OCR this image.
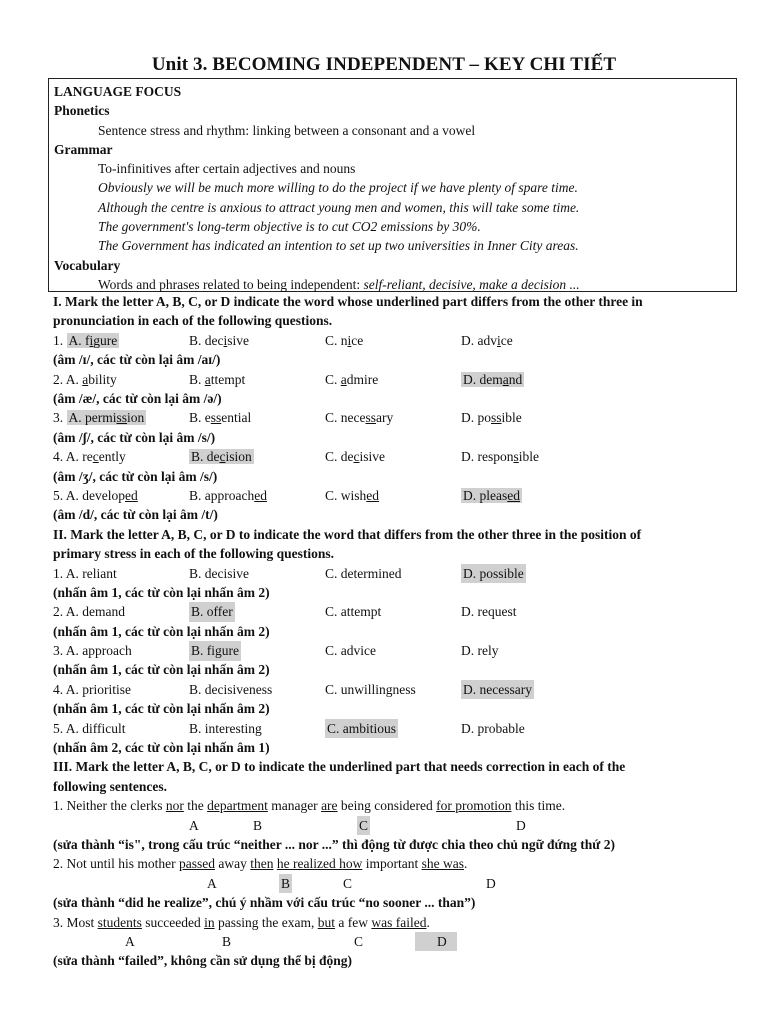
Unit 3. BECOMING INDEPENDENT – KEY CHI TIẾT
LANGUAGE FOCUS
Phonetics
Sentence stress and rhythm: linking between a consonant and a vowel
Grammar
To-infinitives after certain adjectives and nouns
Obviously we will be much more willing to do the project if we have plenty of spare time.
Although the centre is anxious to attract young men and women, this will take some time.
The government's long-term objective is to cut CO2 emissions by 30%.
The Government has indicated an intention to set up two universities in Inner City areas.
Vocabulary
Words and phrases related to being independent: self-reliant, decisive, make a decision ...
I. Mark the letter A, B, C, or D indicate the word whose underlined part differs from the other three in
pronunciation in each of the following questions.
1. A. figure	B. decisive	C. nice	D. advice
(âm /ɪ/, các từ còn lại âm /aɪ/)
2. A. ability	B. attempt	C. admire	D. demand
(âm /æ/, các từ còn lại âm /ə/)
3. A. permission	B. essential	C. necessary	D. possible
(âm /ʃ/, các từ còn lại âm /s/)
4. A. recently	B. decision	C. decisive	D. responsible
(âm /ʒ/, các từ còn lại âm /s/)
5. A. developed	B. approached	C. wished	D. pleased
(âm /d/, các từ còn lại âm /t/)
II. Mark the letter A, B, C, or D to indicate the word that differs from the other three in the position of
primary stress in each of the following questions.
1. A. reliant	B. decisive	C. determined	D. possible
(nhấn âm 1, các từ còn lại nhấn âm 2)
2. A. demand	B. offer	C. attempt	D. request
(nhấn âm 1, các từ còn lại nhấn âm 2)
3. A. approach	B. figure	C. advice	D. rely
(nhấn âm 1, các từ còn lại nhấn âm 2)
4. A. prioritise	B. decisiveness	C. unwillingness	D. necessary
(nhấn âm 1, các từ còn lại nhấn âm 2)
5. A. difficult	B. interesting	C. ambitious	D. probable
(nhấn âm 2, các từ còn lại nhấn âm 1)
III. Mark the letter A, B, C, or D to indicate the underlined part that needs correction in each of the
following sentences.
1. Neither the clerks nor the department manager are being considered for promotion this time.
A	B	C	D
(sửa thành “is", trong cấu trúc “neither ... nor ...” thì động từ được chia theo chủ ngữ đứng thứ 2)
2. Not until his mother passed away then he realized how important she was.
A	B	C	D
(sửa thành “did he realize”, chú ý nhầm với cấu trúc “no sooner ... than”)
3. Most students succeeded in passing the exam, but a few was failed.
A	B	C	D
(sửa thành “failed”, không cần sử dụng thể bị động)
